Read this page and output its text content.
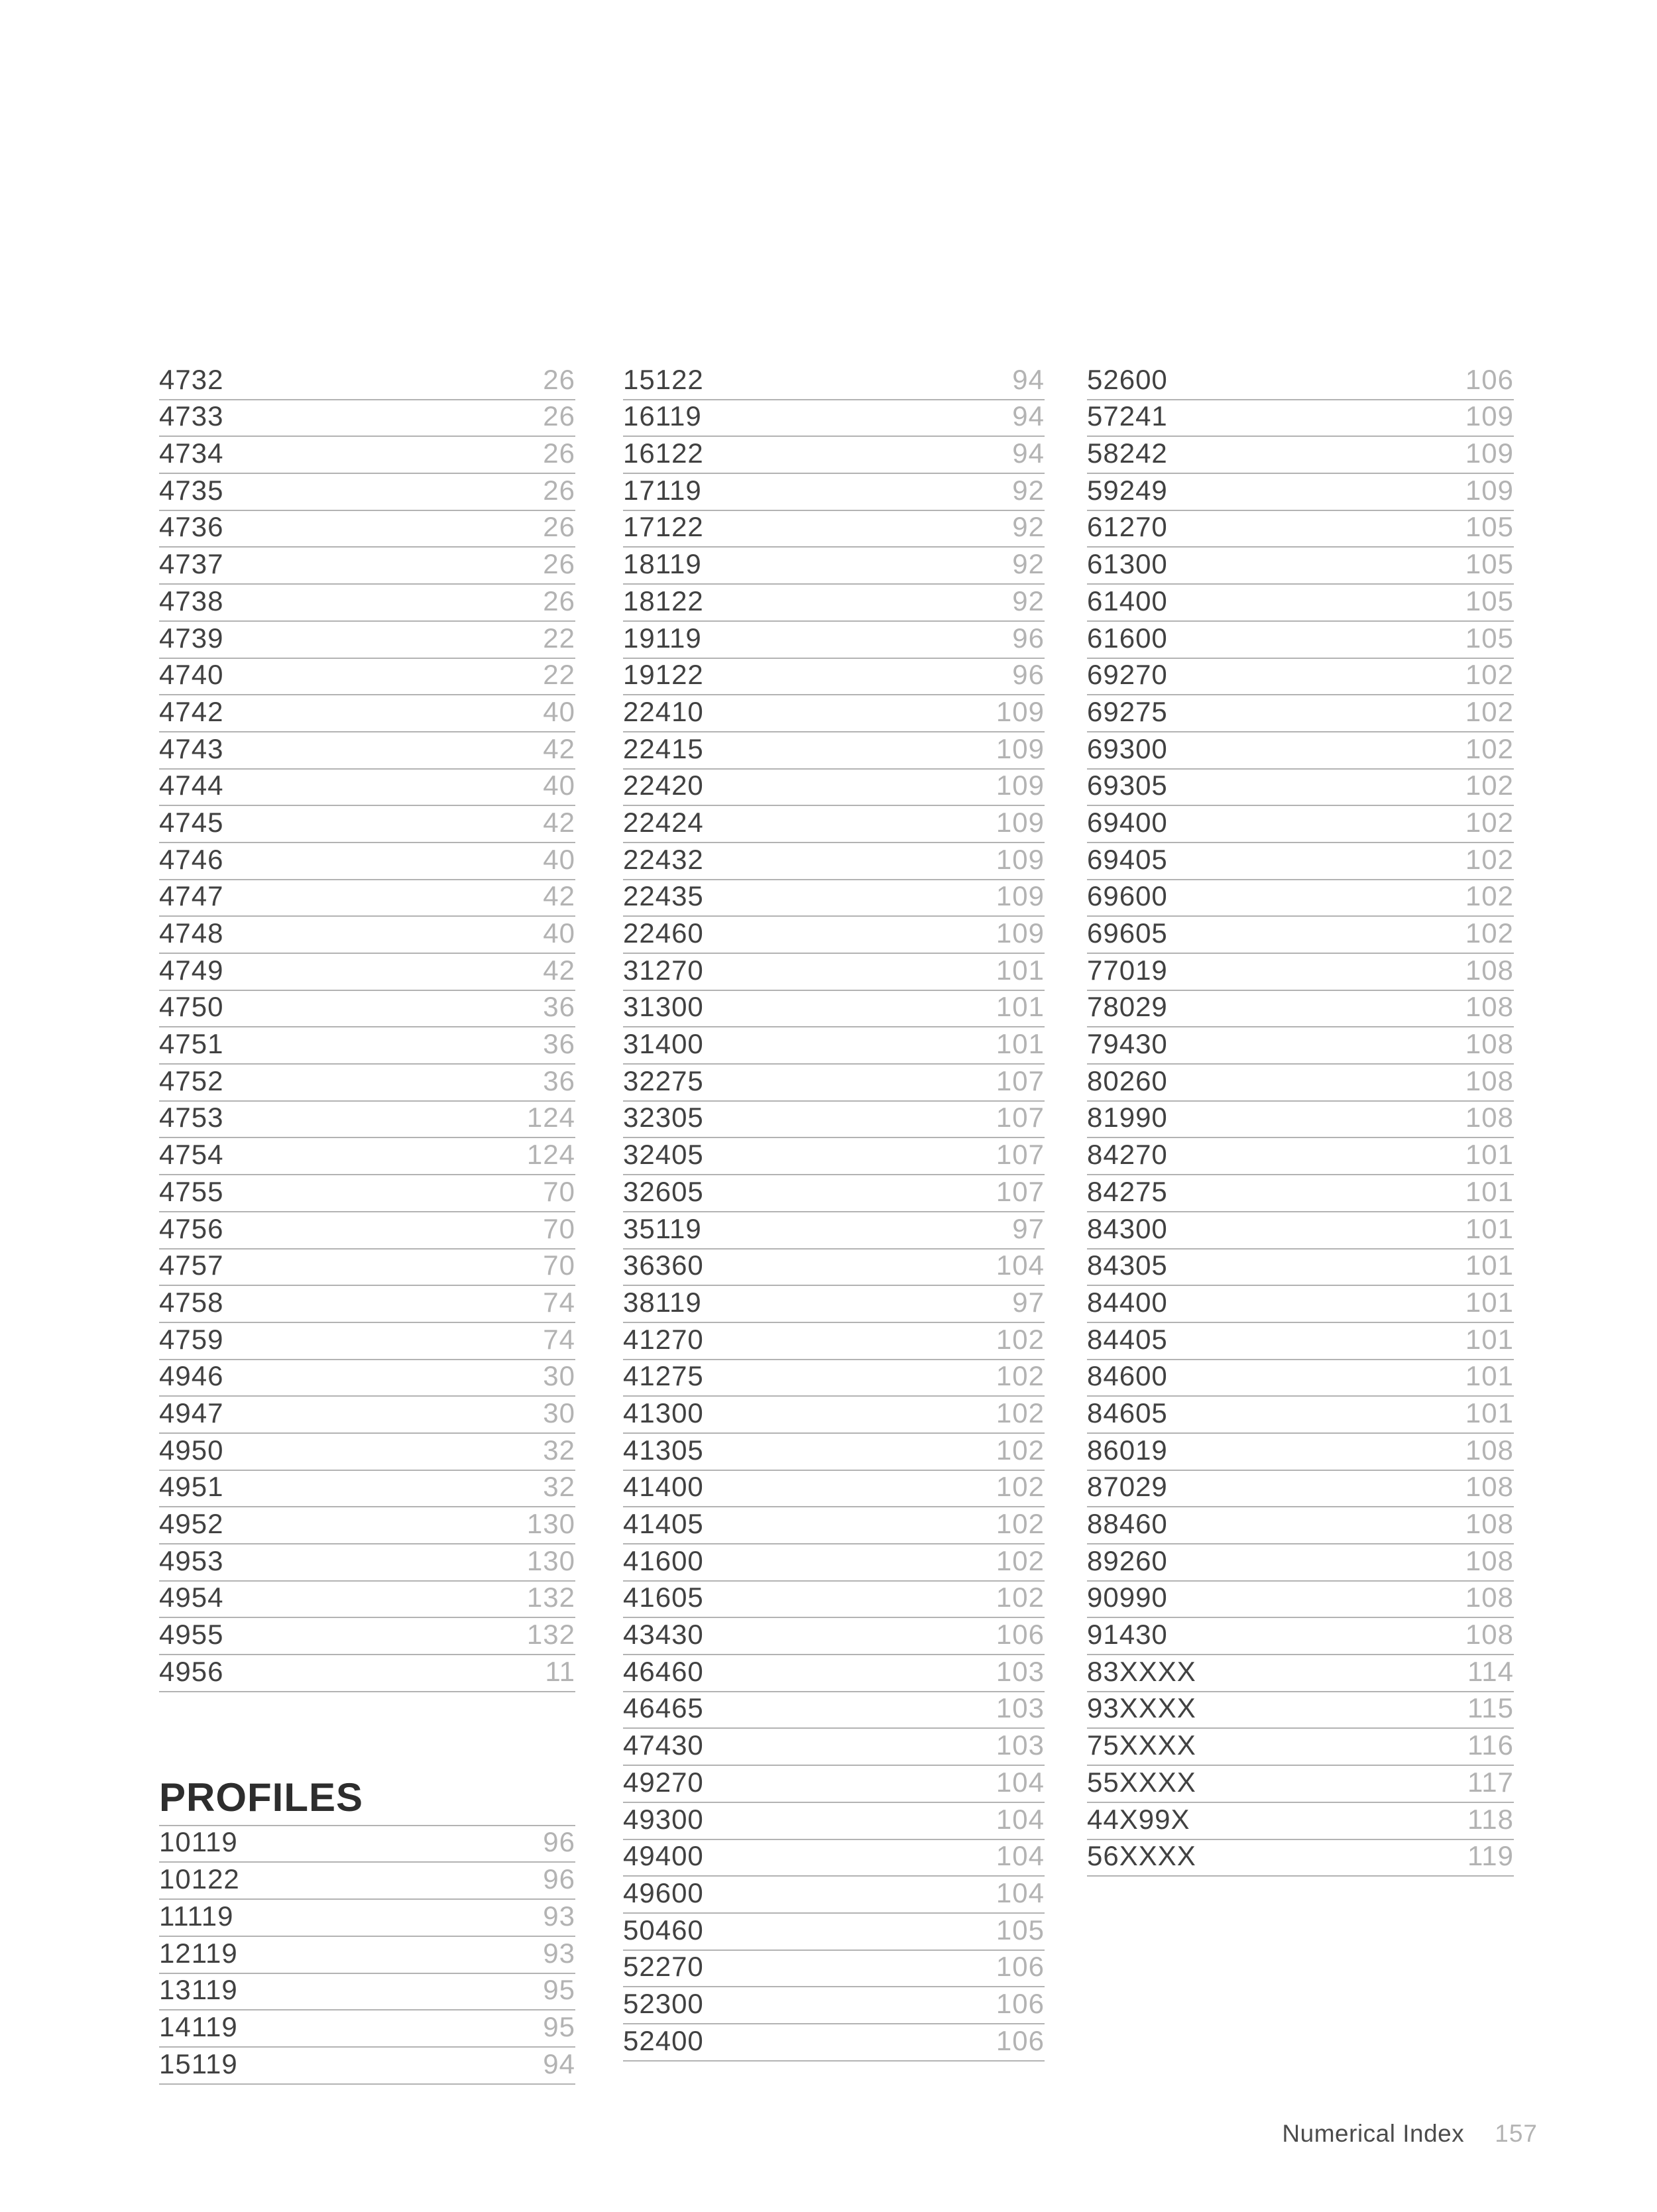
4732	26
4733	26
4734	26
4735	26
4736	26
4737	26
4738	26
4739	22
4740	22
4742	40
4743	42
4744	40
4745	42
4746	40
4747	42
4748	40
4749	42
4750	36
4751	36
4752	36
4753	124
4754	124
4755	70
4756	70
4757	70
4758	74
4759	74
4946	30
4947	30
4950	32
4951	32
4952	130
4953	130
4954	132
4955	132
4956	11
PROFILES
10119	96
10122	96
11119	93
12119	93
13119	95
14119	95
15119	94
15122	94
16119	94
16122	94
17119	92
17122	92
18119	92
18122	92
19119	96
19122	96
22410	109
22415	109
22420	109
22424	109
22432	109
22435	109
22460	109
31270	101
31300	101
31400	101
32275	107
32305	107
32405	107
32605	107
35119	97
36360	104
38119	97
41270	102
41275	102
41300	102
41305	102
41400	102
41405	102
41600	102
41605	102
43430	106
46460	103
46465	103
47430	103
49270	104
49300	104
49400	104
49600	104
50460	105
52270	106
52300	106
52400	106
52600	106
57241	109
58242	109
59249	109
61270	105
61300	105
61400	105
61600	105
69270	102
69275	102
69300	102
69305	102
69400	102
69405	102
69600	102
69605	102
77019	108
78029	108
79430	108
80260	108
81990	108
84270	101
84275	101
84300	101
84305	101
84400	101
84405	101
84600	101
84605	101
86019	108
87029	108
88460	108
89260	108
90990	108
91430	108
83XXXX	114
93XXXX	115
75XXXX	116
55XXXX	117
44X99X	118
56XXXX	119
Numerical Index 157
